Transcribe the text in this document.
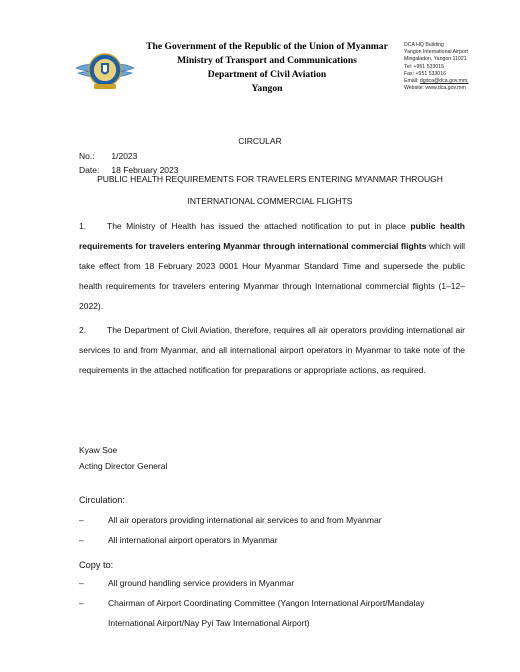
The Government of the Republic of the Union of Myanmar
Ministry of Transport and Communications
Department of Civil Aviation
Yangon
DCA HQ Building
Yangon International Airport
Mingaladon, Yangon 11021
Tel: +951 533015
Fax: +951 533016
Email: dgdca@dca.gov.mm,
Website: www.dca.gov.mm
CIRCULAR
No.: 1/2023
Date: 18 February 2023
PUBLIC HEALTH REQUIREMENTS FOR TRAVELERS ENTERING MYANMAR THROUGH
INTERNATIONAL COMMERCIAL FLIGHTS
1. The Ministry of Health has issued the attached notification to put in place public health requirements for travelers entering Myanmar through international commercial flights which will take effect from 18 February 2023 0001 Hour Myanmar Standard Time and supersede the public health requirements for travelers entering Myanmar through International commercial flights (1–12–2022).
2. The Department of Civil Aviation, therefore, requires all air operators providing international air services to and from Myanmar, and all international airport operators in Myanmar to take note of the requirements in the attached notification for preparations or appropriate actions, as required.
Kyaw Soe
Acting Director General
Circulation:
–	All air operators providing international air services to and from Myanmar
–	All international airport operators in Myanmar
Copy to:
–	All ground handling service providers in Myanmar
–	Chairman of Airport Coordinating Committee (Yangon International Airport/Mandalay International Airport/Nay Pyi Taw International Airport)
